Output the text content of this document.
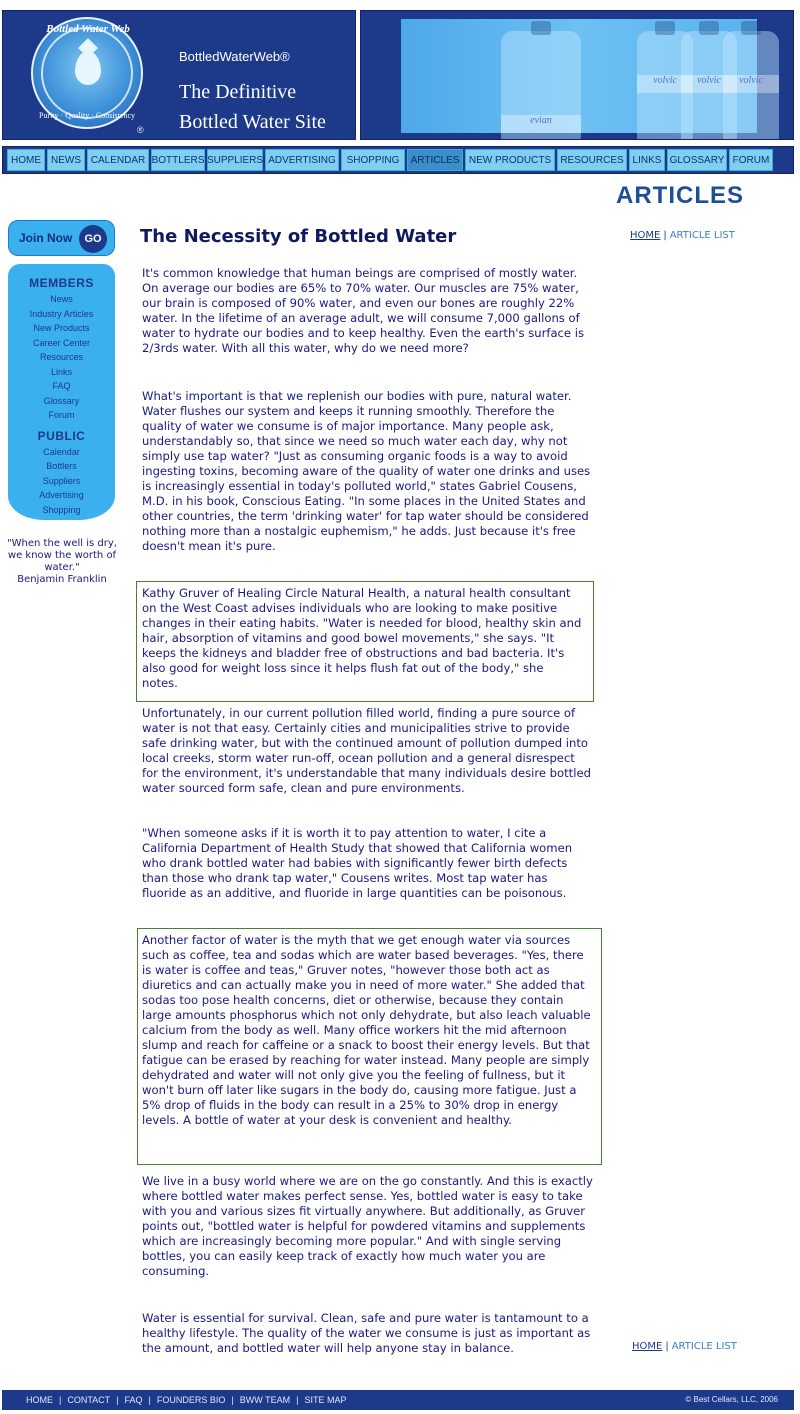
Bottled Water Web
Purity · Quality · Consistency
®
BottledWaterWeb®
The Definitive
Bottled Water Site	evian
volvic	volvic	volvic
HOME	NEWS CALENDAR BOTTLERS SUPPLIERS ADVERTISING	SHOPPING	ARTICLES NEW PRODUCTS RESOURCES LINKS GLOSSARY FORUM
ARTICLES
Join Now	GO
MEMBERS
News
Industry Articles
New Products
Career Center
Resources
Links
FAQ
Glossary
Forum
PUBLIC
Calendar
Bottlers
Suppliers
Advertising
Shopping
"When the well is dry,
we know the worth of
water."
Benjamin Franklin
The Necessity of Bottled Water	HOME | ARTICLE LIST
It's common knowledge that human beings are comprised of mostly water. On average our bodies are 65% to 70% water. Our muscles are 75% water, our brain is composed of 90% water, and even our bones are roughly 22% water. In the lifetime of an average adult, we will consume 7,000 gallons of water to hydrate our bodies and to keep healthy. Even the earth's surface is 2/3rds water. With all this water, why do we need more?
What's important is that we replenish our bodies with pure, natural water. Water flushes our system and keeps it running smoothly. Therefore the quality of water we consume is of major importance. Many people ask, understandably so, that since we need so much water each day, why not simply use tap water? "Just as consuming organic foods is a way to avoid ingesting toxins, becoming aware of the quality of water one drinks and uses is increasingly essential in today's polluted world," states Gabriel Cousens, M.D. in his book, Conscious Eating. "In some places in the United States and other countries, the term 'drinking water' for tap water should be considered nothing more than a nostalgic euphemism," he adds. Just because it's free doesn't mean it's pure.
Kathy Gruver of Healing Circle Natural Health, a natural health consultant on the West Coast advises individuals who are looking to make positive changes in their eating habits. "Water is needed for blood, healthy skin and hair, absorption of vitamins and good bowel movements," she says. "It keeps the kidneys and bladder free of obstructions and bad bacteria. It's also good for weight loss since it helps flush fat out of the body," she notes.
Unfortunately, in our current pollution filled world, finding a pure source of water is not that easy. Certainly cities and municipalities strive to provide safe drinking water, but with the continued amount of pollution dumped into local creeks, storm water run-off, ocean pollution and a general disrespect for the environment, it's understandable that many individuals desire bottled water sourced form safe, clean and pure environments.
"When someone asks if it is worth it to pay attention to water, I cite a California Department of Health Study that showed that California women who drank bottled water had babies with significantly fewer birth defects than those who drank tap water," Cousens writes. Most tap water has fluoride as an additive, and fluoride in large quantities can be poisonous.
Another factor of water is the myth that we get enough water via sources such as coffee, tea and sodas which are water based beverages. "Yes, there is water is coffee and teas," Gruver notes, "however those both act as diuretics and can actually make you in need of more water." She added that sodas too pose health concerns, diet or otherwise, because they contain large amounts phosphorus which not only dehydrate, but also leach valuable calcium from the body as well. Many office workers hit the mid afternoon slump and reach for caffeine or a snack to boost their energy levels. But that fatigue can be erased by reaching for water instead. Many people are simply dehydrated and water will not only give you the feeling of fullness, but it won't burn off later like sugars in the body do, causing more fatigue. Just a 5% drop of fluids in the body can result in a 25% to 30% drop in energy levels. A bottle of water at your desk is convenient and healthy.
We live in a busy world where we are on the go constantly. And this is exactly where bottled water makes perfect sense. Yes, bottled water is easy to take with you and various sizes fit virtually anywhere. But additionally, as Gruver points out, "bottled water is helpful for powdered vitamins and supplements which are increasingly becoming more popular." And with single serving bottles, you can easily keep track of exactly how much water you are consuming.
Water is essential for survival. Clean, safe and pure water is tantamount to a healthy lifestyle. The quality of the water we consume is just as important as the amount, and bottled water will help anyone stay in balance.	HOME | ARTICLE LIST
HOME | CONTACT | FAQ | FOUNDERS BIO | BWW TEAM | SITE MAP	© Best Cellars, LLC, 2006
